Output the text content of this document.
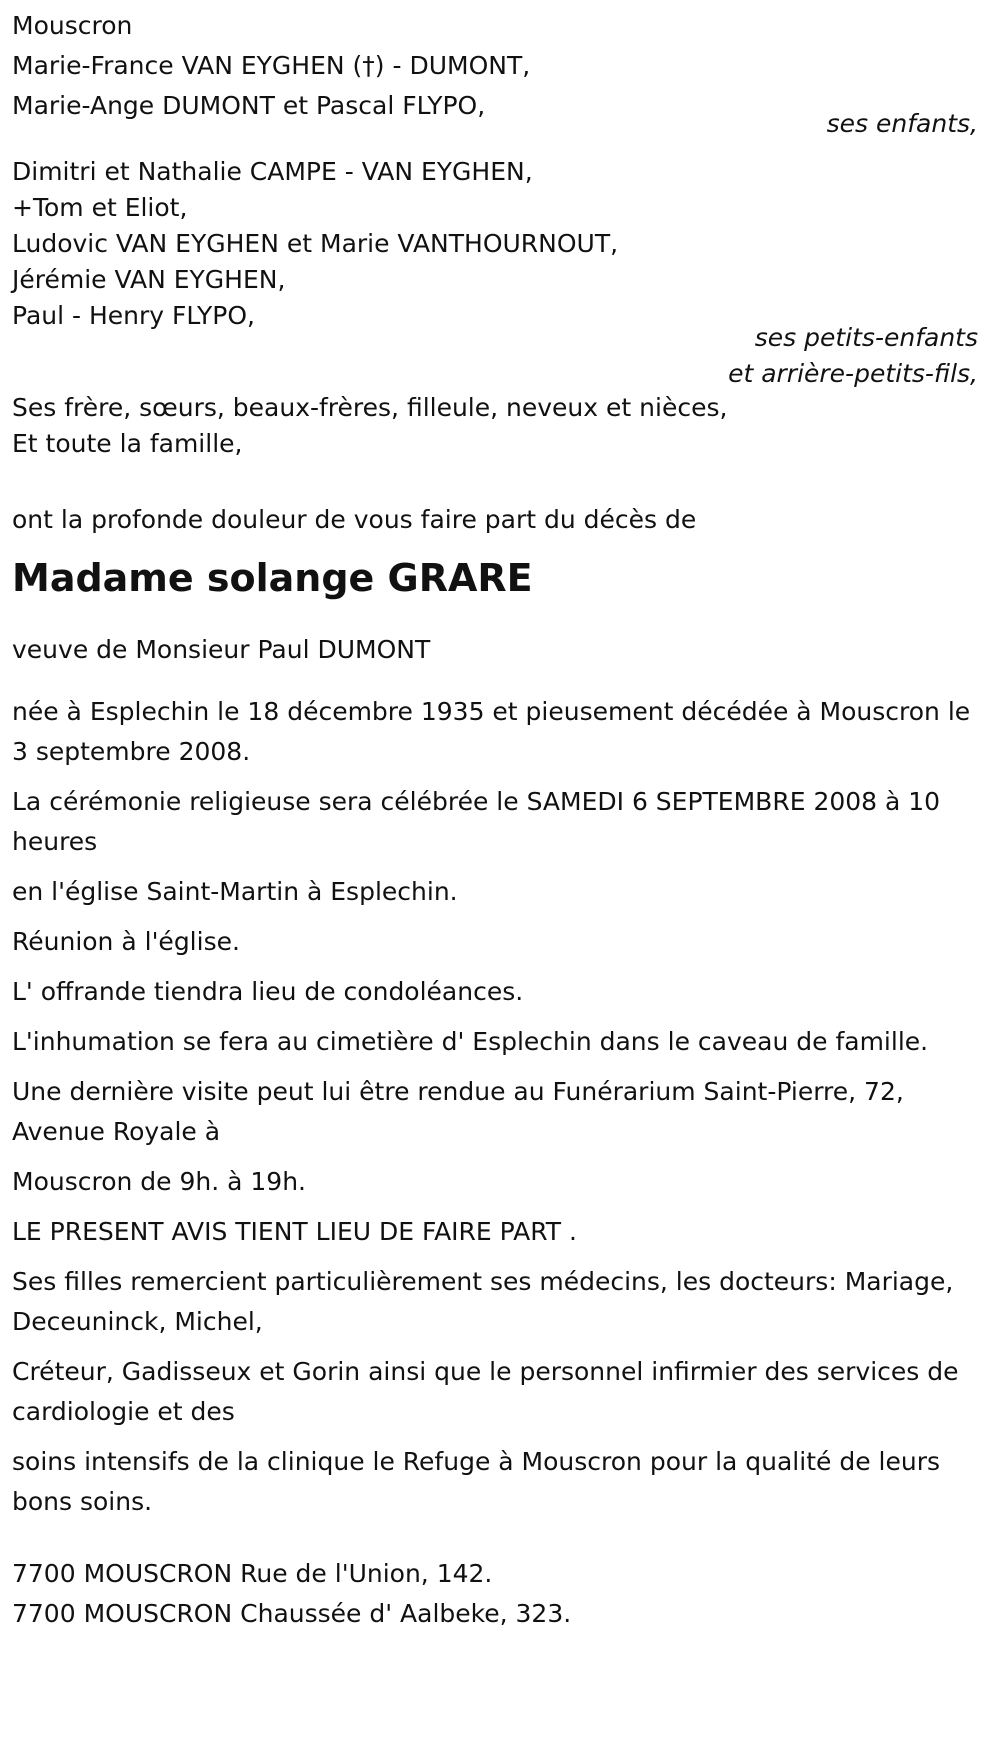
Mouscron

Marie-France VAN EYGHEN (†) - DUMONT,

Marie-Ange DUMONT et Pascal FLYPO,

ses enfants,

Dimitri et Nathalie CAMPE - VAN EYGHEN,

+Tom et Eliot,

Ludovic VAN EYGHEN et Marie VANTHOURNOUT,

Jérémie VAN EYGHEN,

Paul - Henry FLYPO,

ses petits-enfants

et arrière-petits-fils,

Ses frère, sœurs, beaux-frères, filleule, neveux et nièces,

Et toute la famille,

ont la profonde douleur de vous faire part du décès de

Madame solange GRARE

veuve de Monsieur Paul DUMONT

née à Esplechin le 18 décembre 1935 et pieusement décédée à Mouscron le 3 septembre 2008.

La cérémonie religieuse sera célébrée le SAMEDI 6 SEPTEMBRE 2008 à 10 heures

en l'église Saint-Martin à Esplechin.

Réunion à l'église.

L' offrande tiendra lieu de condoléances.

L'inhumation se fera au cimetière d' Esplechin dans le caveau de famille.

Une dernière visite peut lui être rendue au Funérarium Saint-Pierre, 72, Avenue Royale à

Mouscron de 9h. à 19h.

LE PRESENT AVIS TIENT LIEU DE FAIRE PART .

Ses filles remercient particulièrement ses médecins, les docteurs: Mariage, Deceuninck, Michel,

Créteur, Gadisseux et Gorin ainsi que le personnel infirmier des services de cardiologie et des

soins intensifs de la clinique le Refuge à Mouscron pour la qualité de leurs bons soins.

7700 MOUSCRON Rue de l'Union, 142.

7700 MOUSCRON Chaussée d' Aalbeke, 323.
